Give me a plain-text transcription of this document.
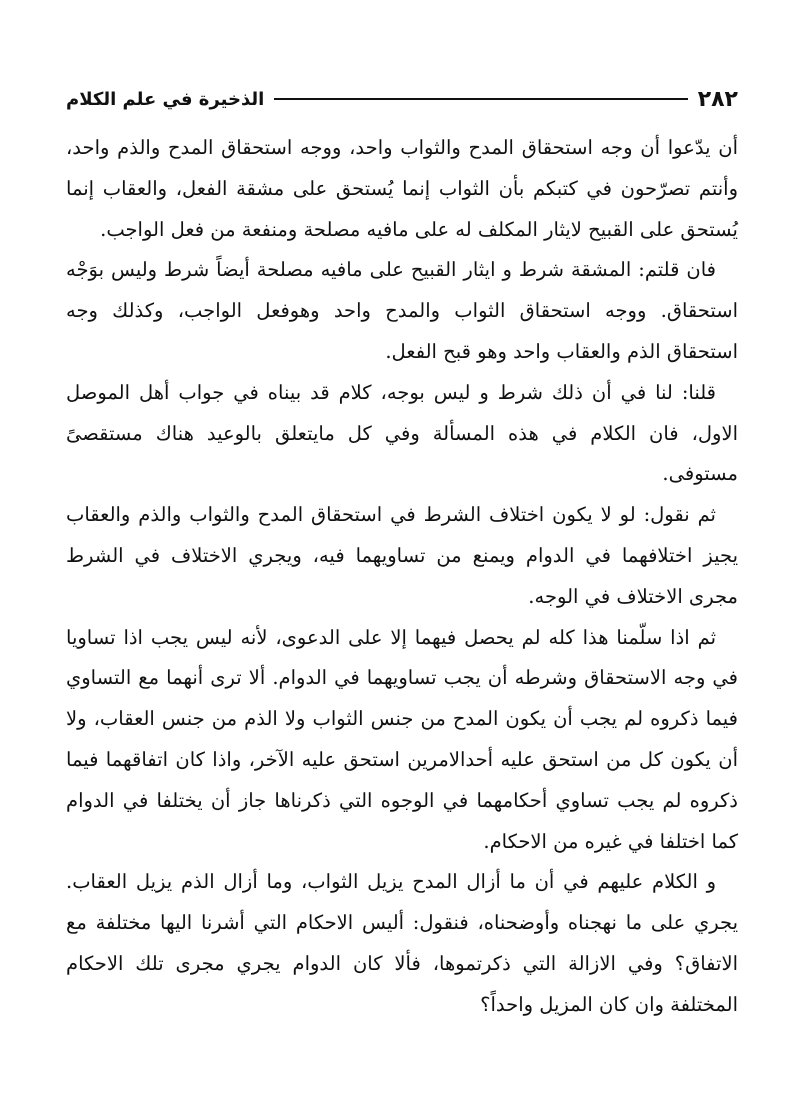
٢٨٢
الذخيرة في علم الكلام

أن يدّعوا أن وجه استحقاق المدح والثواب واحد، ووجه استحقاق المدح والذم واحد، وأنتم تصرّحون في كتبكم بأن الثواب إنما يُستحق على مشقة الفعل، والعقاب إنما يُستحق على القبيح لايثار المكلف له على مافيه مصلحة ومنفعة من فعل الواجب.

فان قلتم: المشقة شرط و ايثار القبيح على مافيه مصلحة أيضاً شرط وليس بوَجْه استحقاق. ووجه استحقاق الثواب والمدح واحد وهوفعل الواجب، وكذلك وجه استحقاق الذم والعقاب واحد وهو قبح الفعل.

قلنا: لنا في أن ذلك شرط و ليس بوجه، كلام قد بيناه في جواب أهل الموصل الاول، فان الكلام في هذه المسألة وفي كل مايتعلق بالوعيد هناك مستقصىً مستوفى.

ثم نقول: لو لا يكون اختلاف الشرط في استحقاق المدح والثواب والذم والعقاب يجيز اختلافهما في الدوام ويمنع من تساويهما فيه، ويجري الاختلاف في الشرط مجرى الاختلاف في الوجه.

ثم اذا سلّمنا هذا كله لم يحصل فيهما إلا على الدعوى، لأنه ليس يجب اذا تساويا في وجه الاستحقاق وشرطه أن يجب تساويهما في الدوام. ألا ترى أنهما مع التساوي فيما ذكروه لم يجب أن يكون المدح من جنس الثواب ولا الذم من جنس العقاب، ولا أن يكون كل من استحق عليه أحدالامرين استحق عليه الآخر، واذا كان اتفاقهما فيما ذكروه لم يجب تساوي أحكامهما في الوجوه التي ذكرناها جاز أن يختلفا في الدوام كما اختلفا في غيره من الاحكام.

و الكلام عليهم في أن ما أزال المدح يزيل الثواب، وما أزال الذم يزيل العقاب. يجري على ما نهجناه وأوضحناه، فنقول: أليس الاحكام التي أشرنا اليها مختلفة مع الاتفاق؟ وفي الازالة التي ذكرتموها، فألا كان الدوام يجري مجرى تلك الاحكام المختلفة وان كان المزيل واحداً؟
